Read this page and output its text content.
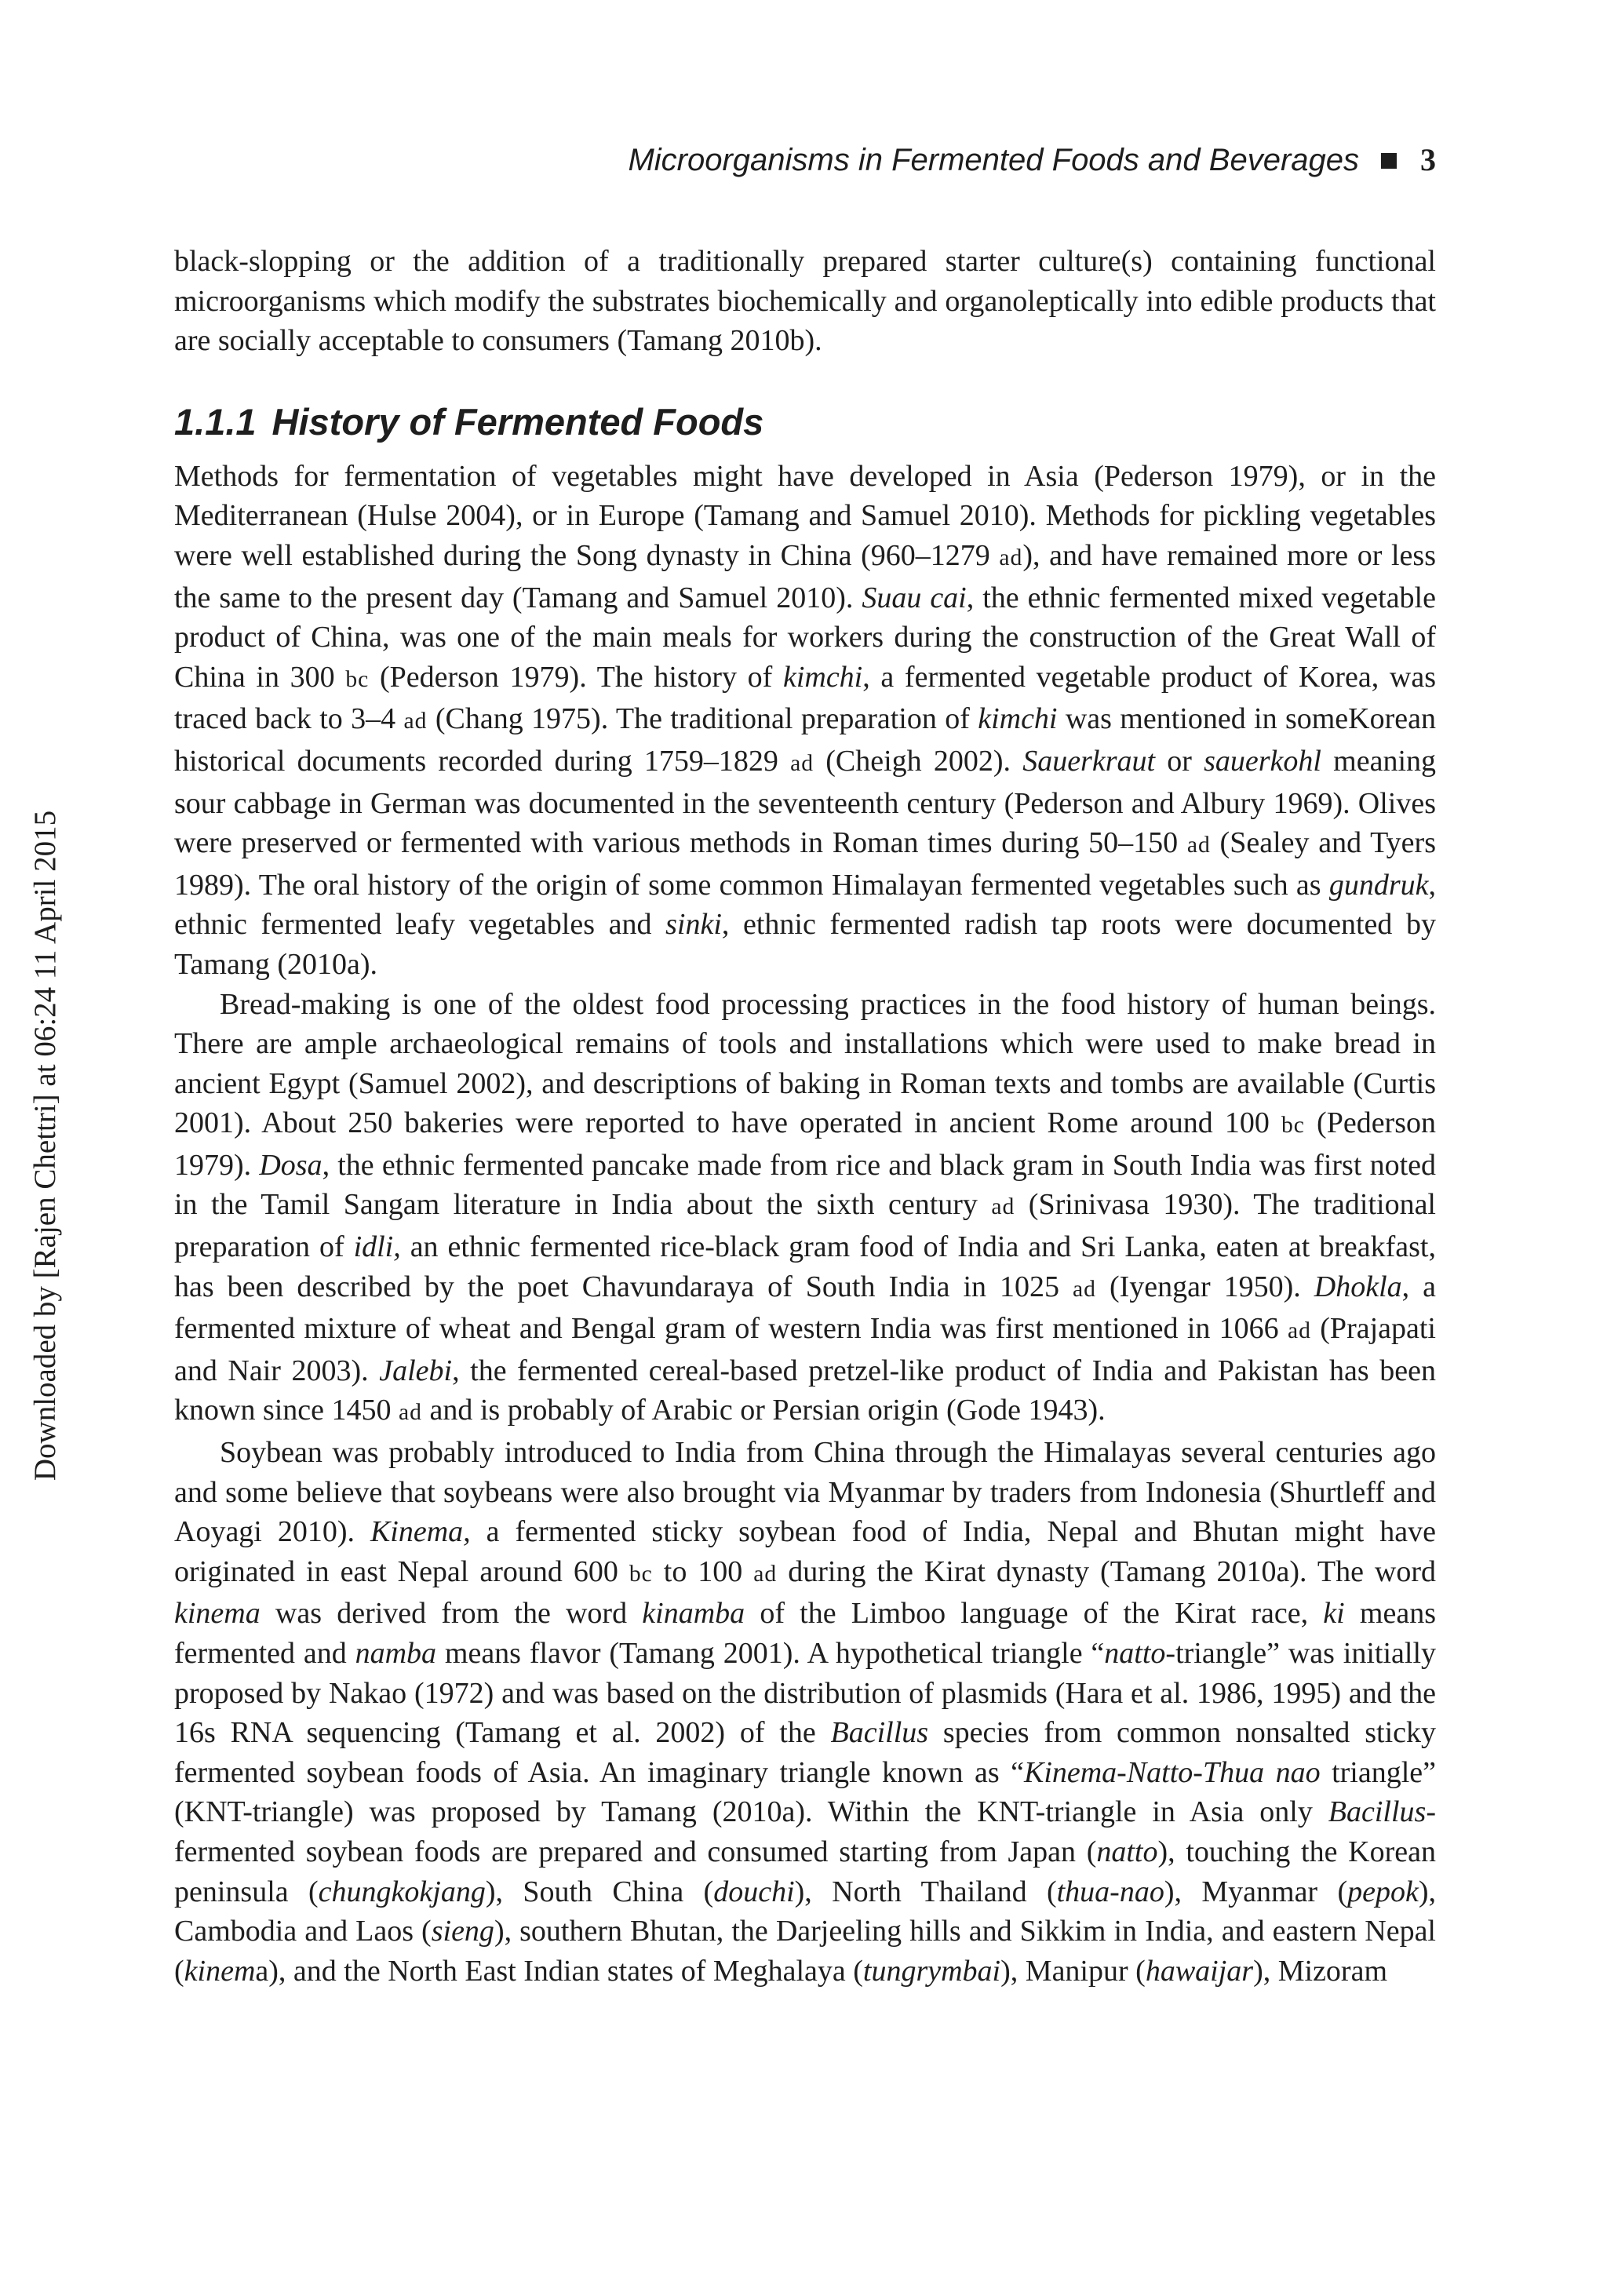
Microorganisms in Fermented Foods and Beverages 3
Downloaded by [Rajen Chettri] at 06:24 11 April 2015

black-slopping or the addition of a traditionally prepared starter culture(s) containing functional microorganisms which modify the substrates biochemically and organoleptically into edible products that are socially acceptable to consumers (Tamang 2010b).

1.1.1 History of Fermented Foods

Methods for fermentation of vegetables might have developed in Asia (Pederson 1979), or in the Mediterranean (Hulse 2004), or in Europe (Tamang and Samuel 2010). Methods for pickling vegetables were well established during the Song dynasty in China (960–1279 ad), and have remained more or less the same to the present day (Tamang and Samuel 2010). Suau cai, the ethnic fermented mixed vegetable product of China, was one of the main meals for workers during the construction of the Great Wall of China in 300 bc (Pederson 1979). The history of kimchi, a fermented vegetable product of Korea, was traced back to 3–4 ad (Chang 1975). The traditional preparation of kimchi was mentioned in someKorean historical documents recorded during 1759–1829 ad (Cheigh 2002). Sauerkraut or sauerkohl meaning sour cabbage in German was documented in the seventeenth century (Pederson and Albury 1969). Olives were preserved or fermented with various methods in Roman times during 50–150 ad (Sealey and Tyers 1989). The oral history of the origin of some common Himalayan fermented vegetables such as gundruk, ethnic fermented leafy vegetables and sinki, ethnic fermented radish tap roots were documented by Tamang (2010a).

Bread-making is one of the oldest food processing practices in the food history of human beings. There are ample archaeological remains of tools and installations which were used to make bread in ancient Egypt (Samuel 2002), and descriptions of baking in Roman texts and tombs are available (Curtis 2001). About 250 bakeries were reported to have operated in ancient Rome around 100 bc (Pederson 1979). Dosa, the ethnic fermented pancake made from rice and black gram in South India was first noted in the Tamil Sangam literature in India about the sixth century ad (Srinivasa 1930). The traditional preparation of idli, an ethnic fermented rice-black gram food of India and Sri Lanka, eaten at breakfast, has been described by the poet Chavundaraya of South India in 1025 ad (Iyengar 1950). Dhokla, a fermented mixture of wheat and Bengal gram of western India was first mentioned in 1066 ad (Prajapati and Nair 2003). Jalebi, the fermented cereal-based pretzel-like product of India and Pakistan has been known since 1450 ad and is probably of Arabic or Persian origin (Gode 1943).

Soybean was probably introduced to India from China through the Himalayas several centuries ago and some believe that soybeans were also brought via Myanmar by traders from Indonesia (Shurtleff and Aoyagi 2010). Kinema, a fermented sticky soybean food of India, Nepal and Bhutan might have originated in east Nepal around 600 bc to 100 ad during the Kirat dynasty (Tamang 2010a). The word kinema was derived from the word kinamba of the Limboo language of the Kirat race, ki means fermented and namba means flavor (Tamang 2001). A hypothetical triangle “natto-triangle” was initially proposed by Nakao (1972) and was based on the distribution of plasmids (Hara et al. 1986, 1995) and the 16s RNA sequencing (Tamang et al. 2002) of the Bacillus species from common nonsalted sticky fermented soybean foods of Asia. An imaginary triangle known as “Kinema-Natto-Thua nao triangle” (KNT-triangle) was proposed by Tamang (2010a). Within the KNT-triangle in Asia only Bacillus-fermented soybean foods are prepared and consumed starting from Japan (natto), touching the Korean peninsula (chungkokjang), South China (douchi), North Thailand (thua-nao), Myanmar (pepok), Cambodia and Laos (sieng), southern Bhutan, the Darjeeling hills and Sikkim in India, and eastern Nepal (kinema), and the North East Indian states of Meghalaya (tungrymbai), Manipur (hawaijar), Mizoram
